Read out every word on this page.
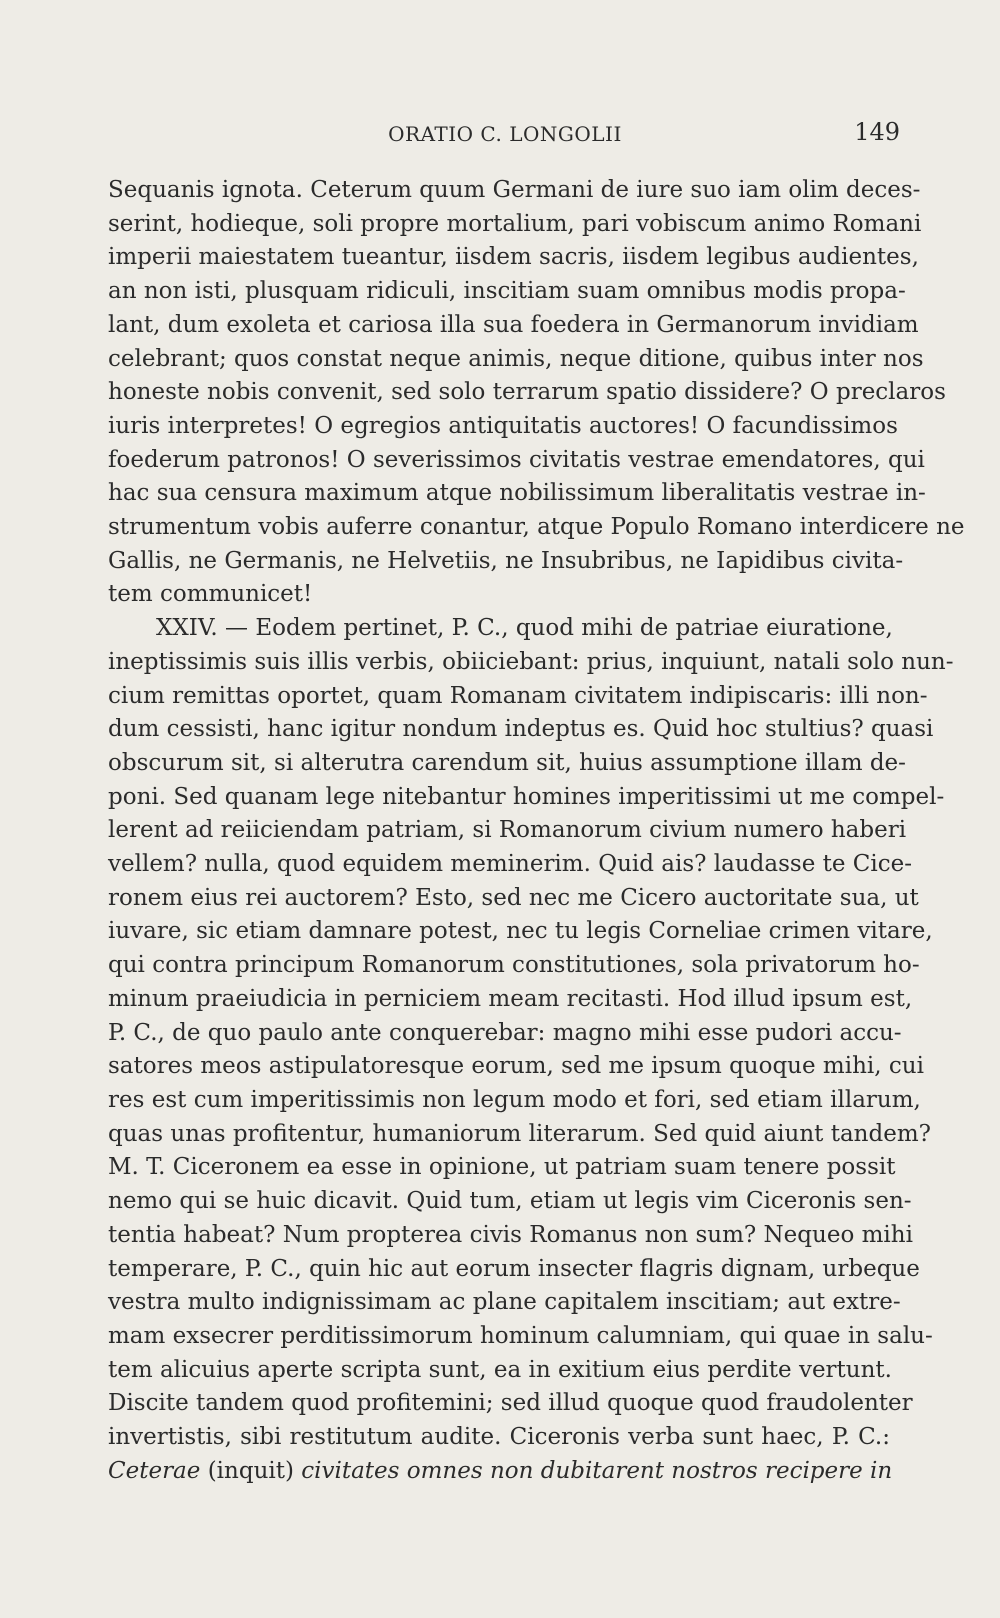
ORATIO C. LONGOLII	149
Sequanis ignota. Ceterum quum Germani de iure suo iam olim deces-
serint, hodieque, soli propre mortalium, pari vobiscum animo Romani
imperii maiestatem tueantur, iisdem sacris, iisdem legibus audientes,
an non isti, plusquam ridiculi, inscitiam suam omnibus modis propa-
lant, dum exoleta et cariosa illa sua foedera in Germanorum invidiam
celebrant; quos constat neque animis, neque ditione, quibus inter nos
honeste nobis convenit, sed solo terrarum spatio dissidere? O preclaros
iuris interpretes! O egregios antiquitatis auctores! O facundissimos
foederum patronos! O severissimos civitatis vestrae emendatores, qui
hac sua censura maximum atque nobilissimum liberalitatis vestrae in-
strumentum vobis auferre conantur, atque Populo Romano interdicere ne
Gallis, ne Germanis, ne Helvetiis, ne Insubribus, ne Iapidibus civita-
tem communicet!
XXIV. — Eodem pertinet, P. C., quod mihi de patriae eiuratione,
ineptissimis suis illis verbis, obiiciebant: prius, inquiunt, natali solo nun-
cium remittas oportet, quam Romanam civitatem indipiscaris: illi non-
dum cessisti, hanc igitur nondum indeptus es. Quid hoc stultius? quasi
obscurum sit, si alterutra carendum sit, huius assumptione illam de-
poni. Sed quanam lege nitebantur homines imperitissimi ut me compel-
lerent ad reiiciendam patriam, si Romanorum civium numero haberi
vellem? nulla, quod equidem meminerim. Quid ais? laudasse te Cice-
ronem eius rei auctorem? Esto, sed nec me Cicero auctoritate sua, ut
iuvare, sic etiam damnare potest, nec tu legis Corneliae crimen vitare,
qui contra principum Romanorum constitutiones, sola privatorum ho-
minum praeiudicia in perniciem meam recitasti. Hod illud ipsum est,
P. C., de quo paulo ante conquerebar: magno mihi esse pudori accu-
satores meos astipulatoresque eorum, sed me ipsum quoque mihi, cui
res est cum imperitissimis non legum modo et fori, sed etiam illarum,
quas unas profitentur, humaniorum literarum. Sed quid aiunt tandem?
M. T. Ciceronem ea esse in opinione, ut patriam suam tenere possit
nemo qui se huic dicavit. Quid tum, etiam ut legis vim Ciceronis sen-
tentia habeat? Num propterea civis Romanus non sum? Nequeo mihi
temperare, P. C., quin hic aut eorum insecter flagris dignam, urbeque
vestra multo indignissimam ac plane capitalem inscitiam; aut extre-
mam exsecrer perditissimorum hominum calumniam, qui quae in salu-
tem alicuius aperte scripta sunt, ea in exitium eius perdite vertunt.
Discite tandem quod profitemini; sed illud quoque quod fraudolenter
invertistis, sibi restitutum audite. Ciceronis verba sunt haec, P. C.:
Ceterae (inquit) civitates omnes non dubitarent nostros recipere in
